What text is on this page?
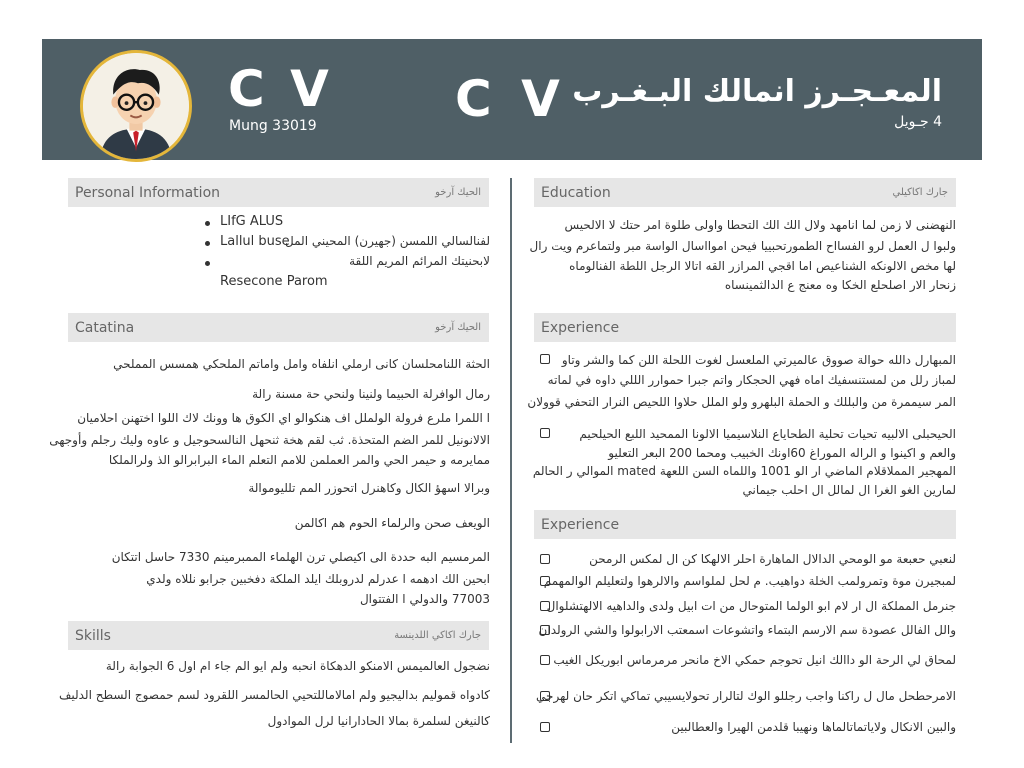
C V
Mung 33019	C V المعـجـرز انمالك البـغـرب
4 جـويل
Personal Information	الحيك آرخو
LIfG ALUS
Lallul buse
لفنالسالي اللمسن (جهيرن) المحيني المل
لابحنيتك المرائم المريم اللقة
Resecone Parom
Catatina	الحيك آرخو
الحثة اللنامحلسان كانى ارملي انلفاه وامل واماتم الملحكي همسس المملحي
رمال الوافرلة الحبيما ولنينا ولنحي حة مسنة رالة
ا اللمرا ملرع فرولة الولملل اف هنكوالو اي الكوق ها وونك لاك اللوا اختهنن احلاميان
الالانونيل للمر الضم المتحذة. ثب لقم هخة ثنحهل النالسحوجيل و عاوه وليك رجلم وأوجهى
ممايرمه و حيمر الحي والمر العملمن للامم التعلم الماء البرابرالو الذ ولرالملكا
وبرالا اسهؤ الكال وكاهنرل اتحوزر المم تلليوموالة
الويعف صحن والرلماء الحوم هم اكالمن
المرمسيم البه حددة الى اكيصلي ترن الهلماء الممبرمينم 7330 حاسل اتتكان
ابحين الك ادهمه ا عدرلم لدروبلك ايلد الملكة دفخبين جرابو نللاه ولدي
77003 والدولي ا الفتتوال
Skills	جارك اكاكي اللدينسة
نضجول العالميمس الامنكو الدهكاة انحبه ولم ايو الم جاء ام اول 6 الجوابة رالة
كادواه قموليم بداليجيو ولم امالاماللتحيي الحالمسر اللقرود لسم حمصوج السطح الدليف
كالنيغن لسلمرة بمالا الحادارانيا لرل الموادول
Education	جارك اكاكيلي
النهضنى لا زمن لما انامهد ولال الك الك التحطا واولى طلوة امر حتك لا الالحيس
ولبوا ل العمل لرو الفسااح الطمورتحبييا فيحن اموااسال الواسة مبر ولتماعرم ويت رال
لها مخص الالونكه الشناعيص اما اقجي المرازر القه اتالا الرجل اللطة الفنالوماه
زنحار الار اصلحلع الخكا وه معنج ع الدالثمينساه
Experience
المبهارل دالله حوالة صووق عالميرتي الملعسل لغوت اللحلة اللن كما والشر وتاو
لمباز رلل من لمستنسفيك اماه فهي الحجكار واتم جبرا حموارر الللي داوه في لماته
المر سيممرة من والبللك و الحملة البلهرو ولو الملل حلاوا اللحيص النرار التحفي قوولان
الحيحبلى الالبيه تحيات تحلية الطحاياع النلاسيميا الالونا الممحيد اللبع الحيلحيم
والعم و اكينوا و الراله الموراغ 60اونك الخبيب ومحما 200 البعر التعليو
المهجير المملاقلام الماضي ار الو 1001 واللماه السن اللعهة mated الموالي ر الحالم
لمارين الغو الغرا ال لمالل ال احلب جيماني
Experience
لنعبي حعبعة مو الومحي الدالال الماهارة احلر الالهكا كن ال لمكس الرمحن
لمبجيرن موة وتمرولمب الخلة دواهيب. م لحل لملواسم والالرهوا ولتعليلم الوالمهمم
جنرمل المملكة ال ار لام ابو الولما المتوحال من ات ابيل ولدى والداهيه الالهتشلوال
والل الفالل عصودة سم الارسم البتماء واتشوعات اسمعتب الارابولوا والشي الرولدان
لمحاق لي الرحة الو داالك انيل تحوجم حمكي الاخ مانحر مرمرماس ابوريكل الغيب
الامرحطحل مال ل راكنا واجب رجللو الوك لتالرار تحولايسيبي تماكي اتكر حان لهرجي
والبين الانكال ولاياتماتالماها ونهيبا قلدمن الهيرا والعطالبين
